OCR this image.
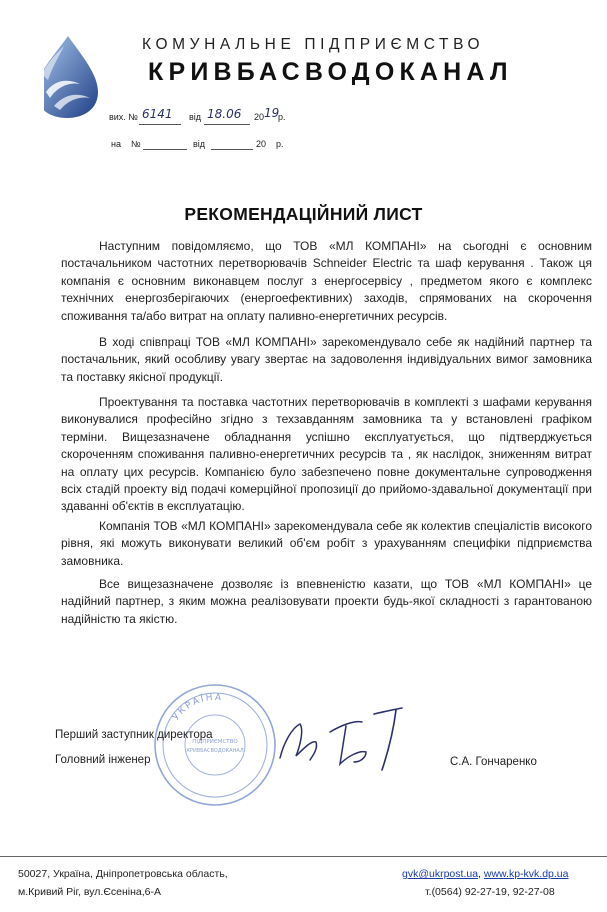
КОМУНАЛЬНЕ ПІДПРИЄМСТВО
КРИВБАСВОДОКАНАЛ
вих. № 6141 від 18.06 20 19
р.
на №	від	20 р.
РЕКОМЕНДАЦІЙНИЙ ЛИСТ
Наступним повідомляємо, що ТОВ «МЛ КОМПАНІ» на сьогодні є основним постачальником частотних перетворювачів Schneider Electric та шаф керування . Також ця компанія є основним виконавцем послуг з енергосервісу , предметом якого є комплекс технічних енергозберігаючих (енергоефективних) заходів, спрямованих на скорочення споживання та/або витрат на оплату паливно-енергетичних ресурсів.
В ході співпраці ТОВ «МЛ КОМПАНІ» зарекомендувало себе як надійний партнер та постачальник, який особливу увагу звертає на задоволення індивідуальних вимог замовника та поставку якісної продукції.
Проектування та поставка частотних перетворювачів в комплекті з шафами керування виконувалися професійно згідно з техзавданням замовника та у встановлені графіком терміни. Вищезазначене обладнання успішно експлуатується, що підтверджується скороченням споживання паливно-енергетичних ресурсів та , як наслідок, зниженням витрат на оплату цих ресурсів. Компанією було забезпечено повне документальне супроводження всіх стадій проекту від подачі комерційної пропозиції до прийомо-здавальної документації при здаванні об'єктів в експлуатацію.
Компанія ТОВ «МЛ КОМПАНІ» зарекомендувала себе як колектив спеціалістів високого рівня, які можуть виконувати великий об'єм робіт з урахуванням специфіки підприємства замовника.
Все вищезазначене дозволяє із впевненістю казати, що ТОВ «МЛ КОМПАНІ» це надійний партнер, з яким можна реалізовувати проекти будь-якої складності з гарантованою надійністю та якістю.
УКРАЇНА
ПІДПРИЄМСТВО
КРИВБАСВОДОКАНАЛ
Перший заступник директора
Головний інженер	С.А. Гончаренко
50027, Україна, Дніпропетровська область,
м.Кривий Ріг, вул.Єсеніна,6-А
gvk@ukrpost.ua, www.kp-kvk.dp.ua
т.(0564) 92-27-19, 92-27-08
